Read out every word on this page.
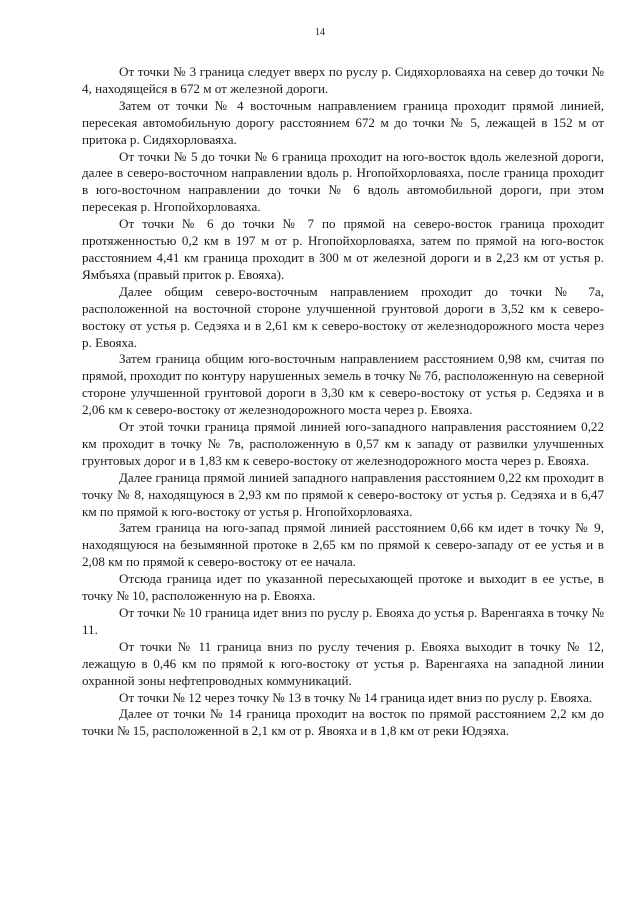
14

От точки № 3 граница следует вверх по руслу р. Сидяхорловаяха на север до точки № 4, находящейся в 672 м от железной дороги.

Затем от точки № 4 восточным направлением граница проходит прямой линией, пересекая автомобильную дорогу расстоянием 672 м до точки № 5, лежащей в 152 м от притока р. Сидяхорловаяха.

От точки № 5 до точки № 6 граница проходит на юго-восток вдоль железной дороги, далее в северо-восточном направлении вдоль р. Нгопойхорловаяха, после граница проходит в юго-восточном направлении до точки № 6 вдоль автомобильной дороги, при этом пересекая р. Нгопойхорловаяха.

От точки № 6 до точки № 7 по прямой на северо-восток граница проходит протяженностью 0,2 км в 197 м от р. Нгопойхорловаяха, затем по прямой на юго-восток расстоянием 4,41 км граница проходит в 300 м от железной дороги и в 2,23 км от устья р. Ямбъяха (правый приток р. Евояха).

Далее общим северо-восточным направлением проходит до точки № 7а, расположенной на восточной стороне улучшенной грунтовой дороги в 3,52 км к северо-востоку от устья р. Седэяха и в 2,61 км к северо-востоку от железнодорожного моста через р. Евояха.

Затем граница общим юго-восточным направлением расстоянием 0,98 км, считая по прямой, проходит по контуру нарушенных земель в точку № 7б, расположенную на северной стороне улучшенной грунтовой дороги в 3,30 км к северо-востоку от устья р. Седэяха и в 2,06 км к северо-востоку от железнодорожного моста через р. Евояха.

От этой точки граница прямой линией юго-западного направления расстоянием 0,22 км проходит в точку № 7в, расположенную в 0,57 км к западу от развилки улучшенных грунтовых дорог и в 1,83 км к северо-востоку от железнодорожного моста через р. Евояха.

Далее граница прямой линией западного направления расстоянием 0,22 км проходит в точку № 8, находящуюся в 2,93 км по прямой к северо-востоку от устья р. Седэяха и в 6,47 км по прямой к юго-востоку от устья р. Нгопойхорловаяха.

Затем граница на юго-запад прямой линией расстоянием 0,66 км идет в точку № 9, находящуюся на безымянной протоке в 2,65 км по прямой к северо-западу от ее устья и в 2,08 км по прямой к северо-востоку от ее начала.

Отсюда граница идет по указанной пересыхающей протоке и выходит в ее устье, в точку № 10, расположенную на р. Евояха.

От точки № 10 граница идет вниз по руслу р. Евояха до устья р. Варенгаяха в точку № 11.

От точки № 11 граница вниз по руслу течения р. Евояха выходит в точку № 12, лежащую в 0,46 км по прямой к юго-востоку от устья р. Варенгаяха на западной линии охранной зоны нефтепроводных коммуникаций.

От точки № 12 через точку № 13 в точку № 14 граница идет вниз по руслу р. Евояха.

Далее от точки № 14 граница проходит на восток по прямой расстоянием 2,2 км до точки № 15, расположенной в 2,1 км от р. Явояха и в 1,8 км от реки Юдэяха.
